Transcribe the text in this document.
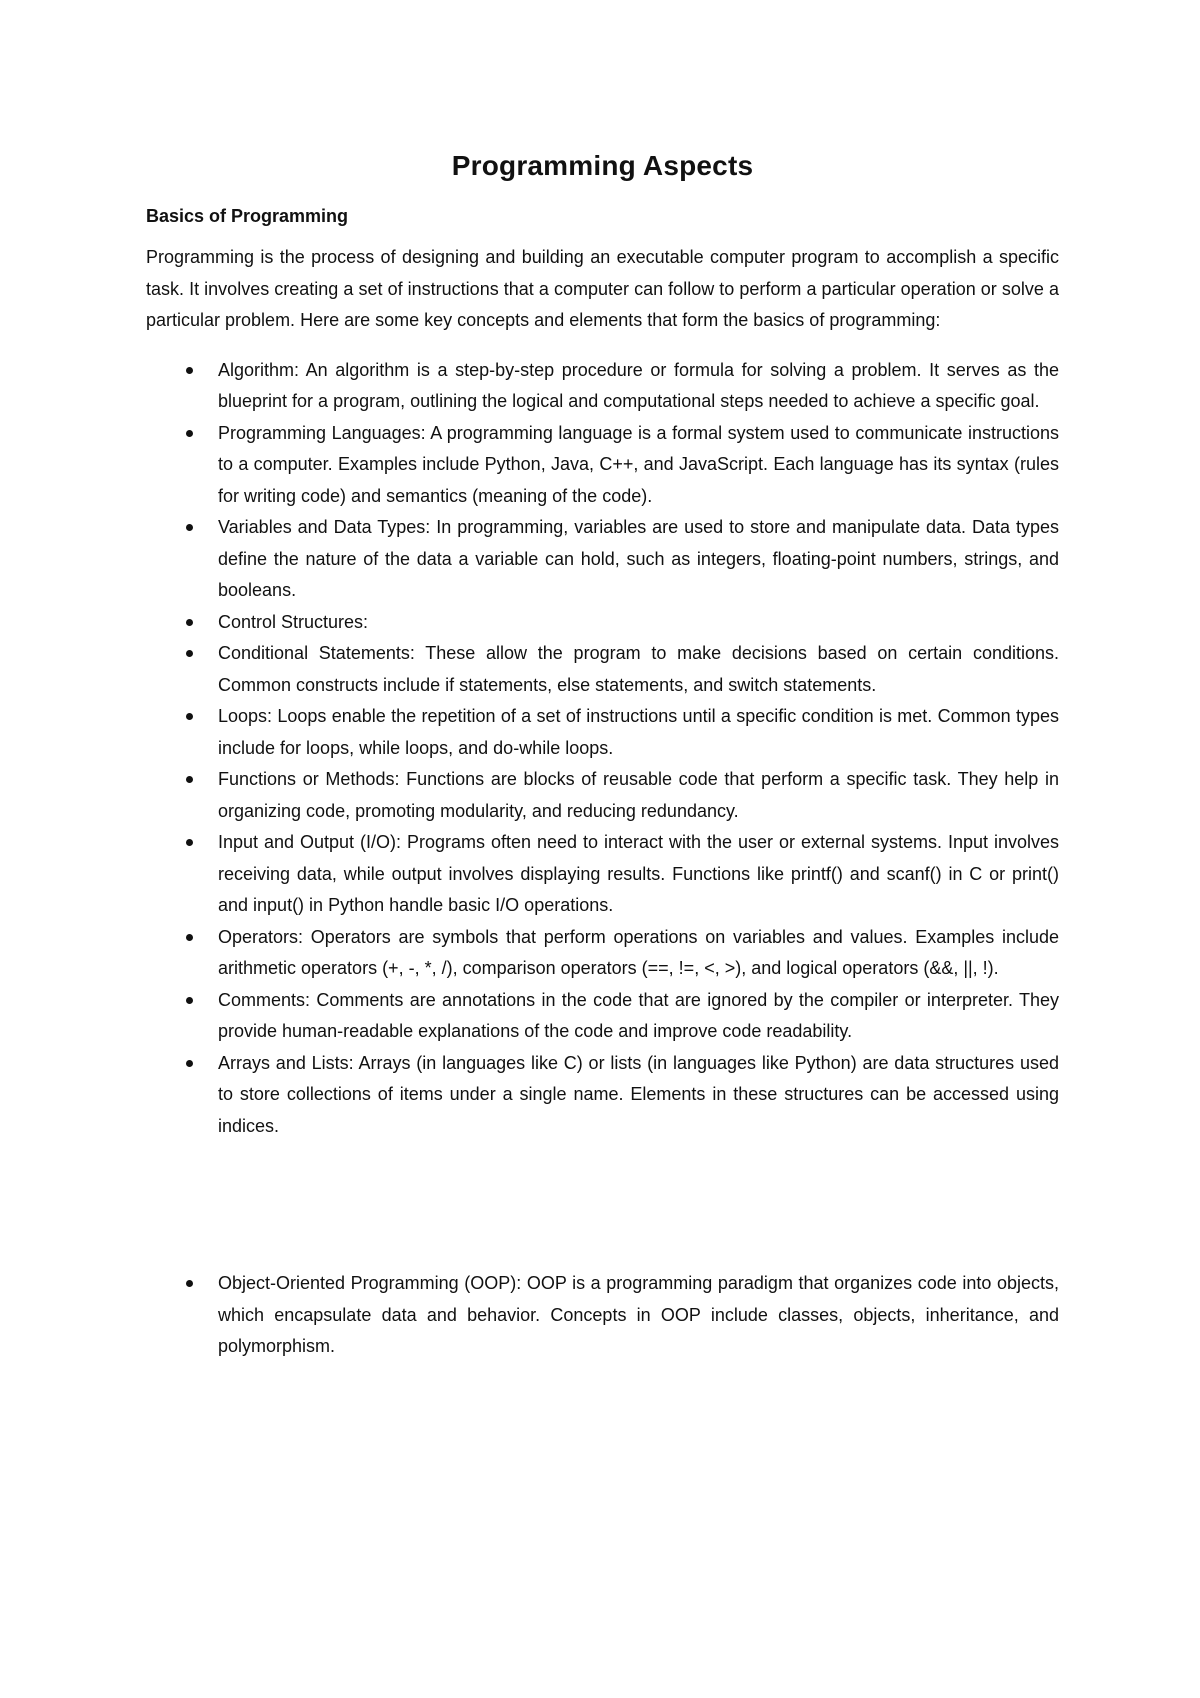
Programming Aspects
Basics of Programming

Programming is the process of designing and building an executable computer program to accomplish a specific task. It involves creating a set of instructions that a computer can follow to perform a particular operation or solve a particular problem. Here are some key concepts and elements that form the basics of programming:

Algorithm: An algorithm is a step-by-step procedure or formula for solving a problem. It serves as the blueprint for a program, outlining the logical and computational steps needed to achieve a specific goal.
Programming Languages: A programming language is a formal system used to communicate instructions to a computer. Examples include Python, Java, C++, and JavaScript. Each language has its syntax (rules for writing code) and semantics (meaning of the code).
Variables and Data Types: In programming, variables are used to store and manipulate data. Data types define the nature of the data a variable can hold, such as integers, floating-point numbers, strings, and booleans.
Control Structures:
Conditional Statements: These allow the program to make decisions based on certain conditions. Common constructs include if statements, else statements, and switch statements.
Loops: Loops enable the repetition of a set of instructions until a specific condition is met. Common types include for loops, while loops, and do-while loops.
Functions or Methods: Functions are blocks of reusable code that perform a specific task. They help in organizing code, promoting modularity, and reducing redundancy.
Input and Output (I/O): Programs often need to interact with the user or external systems. Input involves receiving data, while output involves displaying results. Functions like printf() and scanf() in C or print() and input() in Python handle basic I/O operations.
Operators: Operators are symbols that perform operations on variables and values. Examples include arithmetic operators (+, -, *, /), comparison operators (==, !=, <, >), and logical operators (&&, ||, !).
Comments: Comments are annotations in the code that are ignored by the compiler or interpreter. They provide human-readable explanations of the code and improve code readability.
Arrays and Lists: Arrays (in languages like C) or lists (in languages like Python) are data structures used to store collections of items under a single name. Elements in these structures can be accessed using indices.
Object-Oriented Programming (OOP): OOP is a programming paradigm that organizes code into objects, which encapsulate data and behavior. Concepts in OOP include classes, objects, inheritance, and polymorphism.
